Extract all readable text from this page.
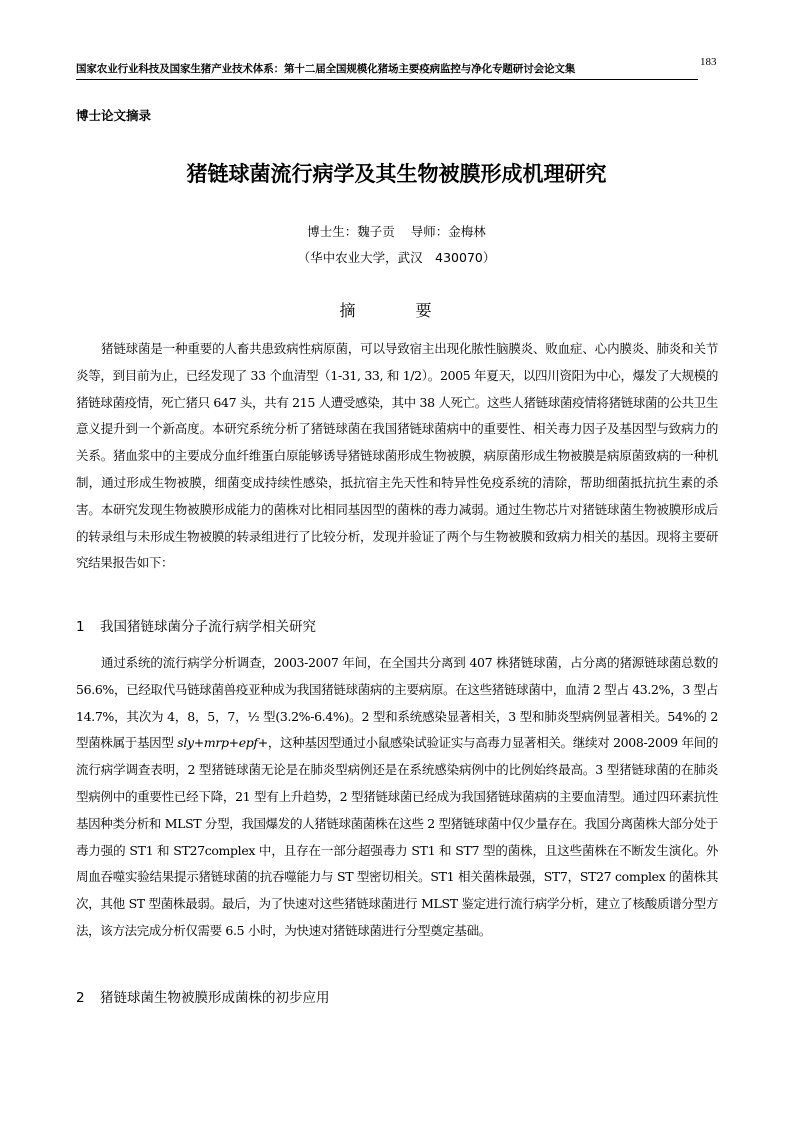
国家农业行业科技及国家生猪产业技术体系：第十二届全国规模化猪场主要疫病监控与净化专题研讨会论文集
183
博士论文摘录
猪链球菌流行病学及其生物被膜形成机理研究
博士生：魏子贡 导师：金梅林
（华中农业大学，武汉　430070）
摘　要
猪链球菌是一种重要的人畜共患致病性病原菌，可以导致宿主出现化脓性脑膜炎、败血症、心内膜炎、肺炎和关节炎等，到目前为止，已经发现了 33 个血清型（1-31, 33, 和 1/2）。2005 年夏天，以四川资阳为中心，爆发了大规模的猪链球菌疫情，死亡猪只 647 头，共有 215 人遭受感染，其中 38 人死亡。这些人猪链球菌疫情将猪链球菌的公共卫生意义提升到一个新高度。本研究系统分析了猪链球菌在我国猪链球菌病中的重要性、相关毒力因子及基因型与致病力的关系。猪血浆中的主要成分血纤维蛋白原能够诱导猪链球菌形成生物被膜，病原菌形成生物被膜是病原菌致病的一种机制，通过形成生物被膜，细菌变成持续性感染，抵抗宿主先天性和特异性免疫系统的清除，帮助细菌抵抗抗生素的杀害。本研究发现生物被膜形成能力的菌株对比相同基因型的菌株的毒力减弱。通过生物芯片对猪链球菌生物被膜形成后的转录组与未形成生物被膜的转录组进行了比较分析，发现并验证了两个与生物被膜和致病力相关的基因。现将主要研究结果报告如下：
1 我国猪链球菌分子流行病学相关研究
通过系统的流行病学分析调查，2003-2007 年间，在全国共分离到 407 株猪链球菌，占分离的猪源链球菌总数的 56.6%，已经取代马链球菌兽疫亚种成为我国猪链球菌病的主要病原。在这些猪链球菌中，血清 2 型占 43.2%，3 型占 14.7%，其次为 4，8，5，7，½ 型(3.2%-6.4%)。2 型和系统感染显著相关，3 型和肺炎型病例显著相关。54%的 2 型菌株属于基因型 sly+mrp+epf+，这种基因型通过小鼠感染试验证实与高毒力显著相关。继续对 2008-2009 年间的流行病学调查表明，2 型猪链球菌无论是在肺炎型病例还是在系统感染病例中的比例始终最高。3 型猪链球菌的在肺炎型病例中的重要性已经下降，21 型有上升趋势，2 型猪链球菌已经成为我国猪链球菌病的主要血清型。通过四环素抗性基因种类分析和 MLST 分型，我国爆发的人猪链球菌菌株在这些 2 型猪链球菌中仅少量存在。我国分离菌株大部分处于毒力强的 ST1 和 ST27complex 中，且存在一部分超强毒力 ST1 和 ST7 型的菌株，且这些菌株在不断发生演化。外周血吞噬实验结果提示猪链球菌的抗吞噬能力与 ST 型密切相关。ST1 相关菌株最强，ST7，ST27 complex 的菌株其次，其他 ST 型菌株最弱。最后，为了快速对这些猪链球菌进行 MLST 鉴定进行流行病学分析，建立了核酸质谱分型方法，该方法完成分析仅需要 6.5 小时，为快速对猪链球菌进行分型奠定基础。
2 猪链球菌生物被膜形成菌株的初步应用
